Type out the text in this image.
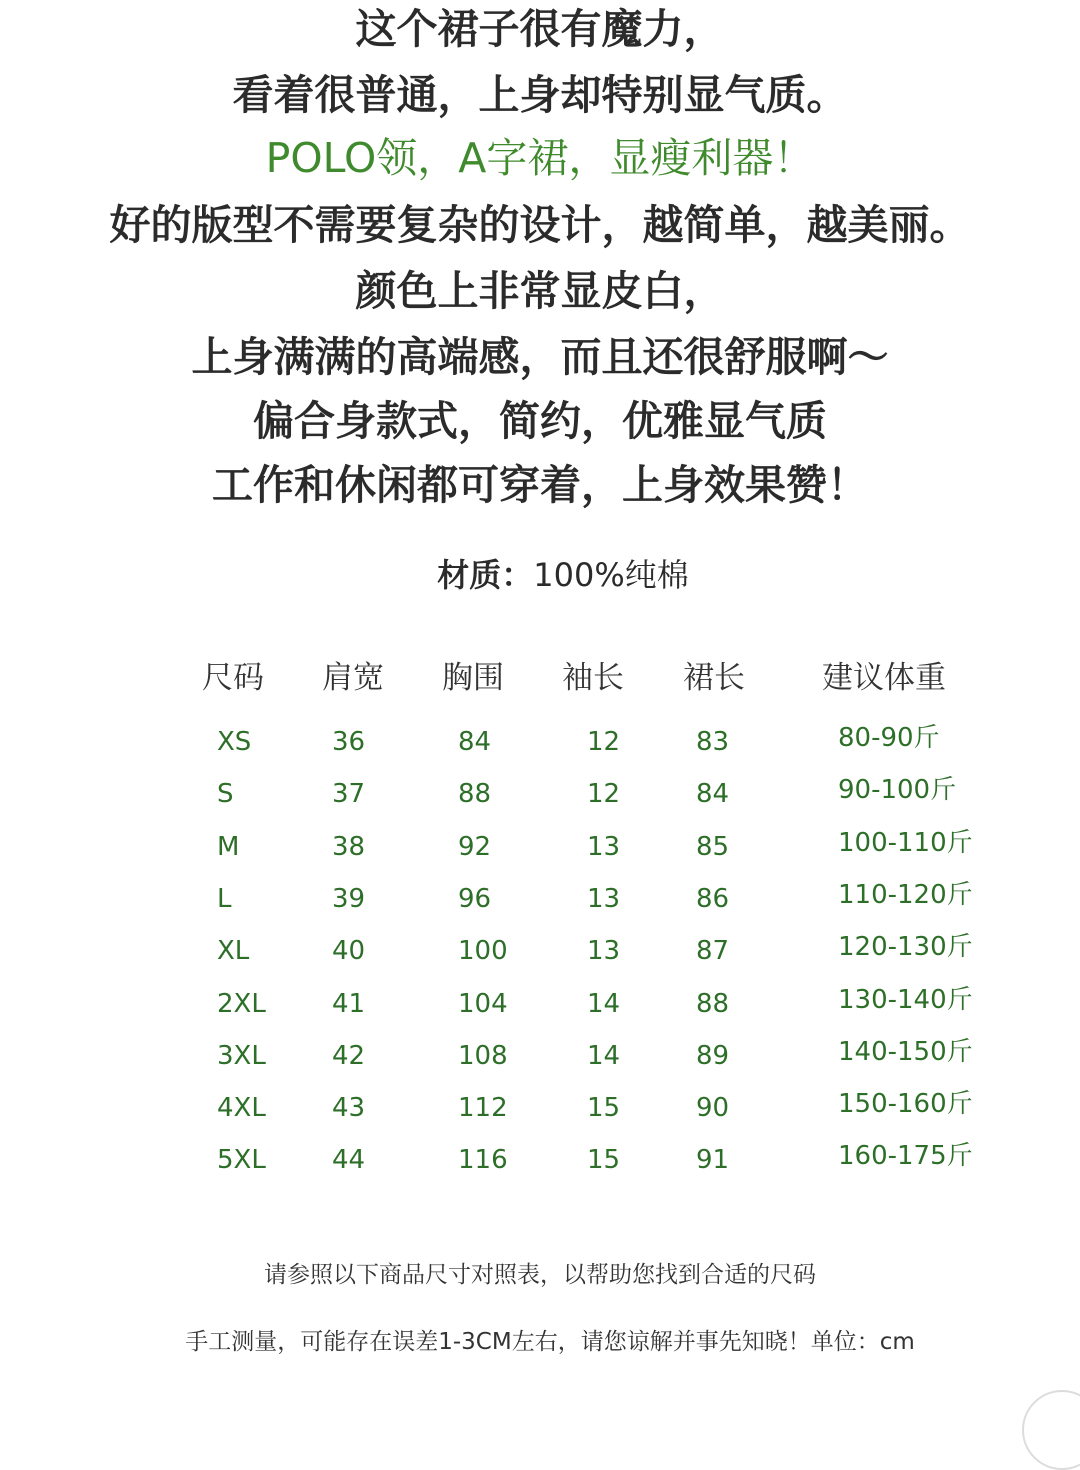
这个裙子很有魔力，
看着很普通，上身却特别显气质。
POLO领，A字裙，显瘦利器！
好的版型不需要复杂的设计，越简单，越美丽。
颜色上非常显皮白，
上身满满的高端感，而且还很舒服啊～
偏合身款式，简约，优雅显气质
工作和休闲都可穿着，上身效果赞！
材质：100%纯棉
尺码 肩宽 胸围 袖长 裙长 建议体重
XS	36	84	12	83	80-90斤
S	37	88	12	84	90-100斤
M	38	92	13	85	100-110斤
L	39	96	13	86	110-120斤
XL	40	100	13	87	120-130斤
2XL	41	104	14	88	130-140斤
3XL	42	108	14	89	140-150斤
4XL	43	112	15	90	150-160斤
5XL	44	116	15	91	160-175斤
请参照以下商品尺寸对照表，以帮助您找到合适的尺码
手工测量，可能存在误差1-3CM左右，请您谅解并事先知晓！单位：cm
